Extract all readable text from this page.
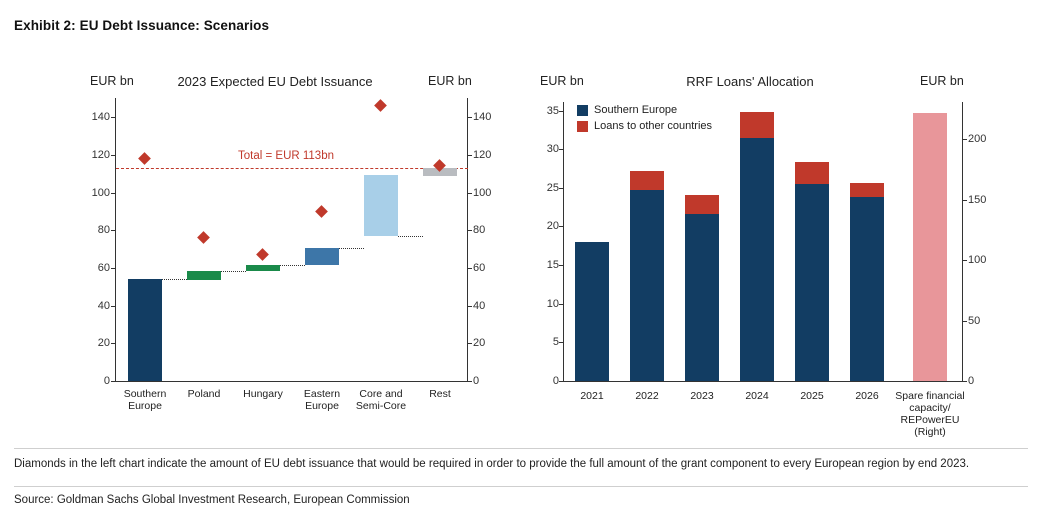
Exhibit 2: EU Debt Issuance: Scenarios
EUR bn	EUR bn
2023 Expected EU Debt Issuance
0
20
40
60
80
100
120
140
0
20
40
60
80
100
120
140
Total = EUR 113bn
Southern Europe
Poland	Hungary	Eastern Europe
Core and Semi-Core
Rest
EUR bn	EUR bn
RRF Loans' Allocation
0
5
10
15
20
25
30
35
0
50
100
150
200
Southern Europe
Loans to other countries
2021	2022	2023	2024	2025	2026	Spare financial capacity/ REPowerEU (Right)
Diamonds in the left chart indicate the amount of EU debt issuance that would be required in order to provide the full amount of the grant component to every European region by end 2023.
Source: Goldman Sachs Global Investment Research, European Commission
